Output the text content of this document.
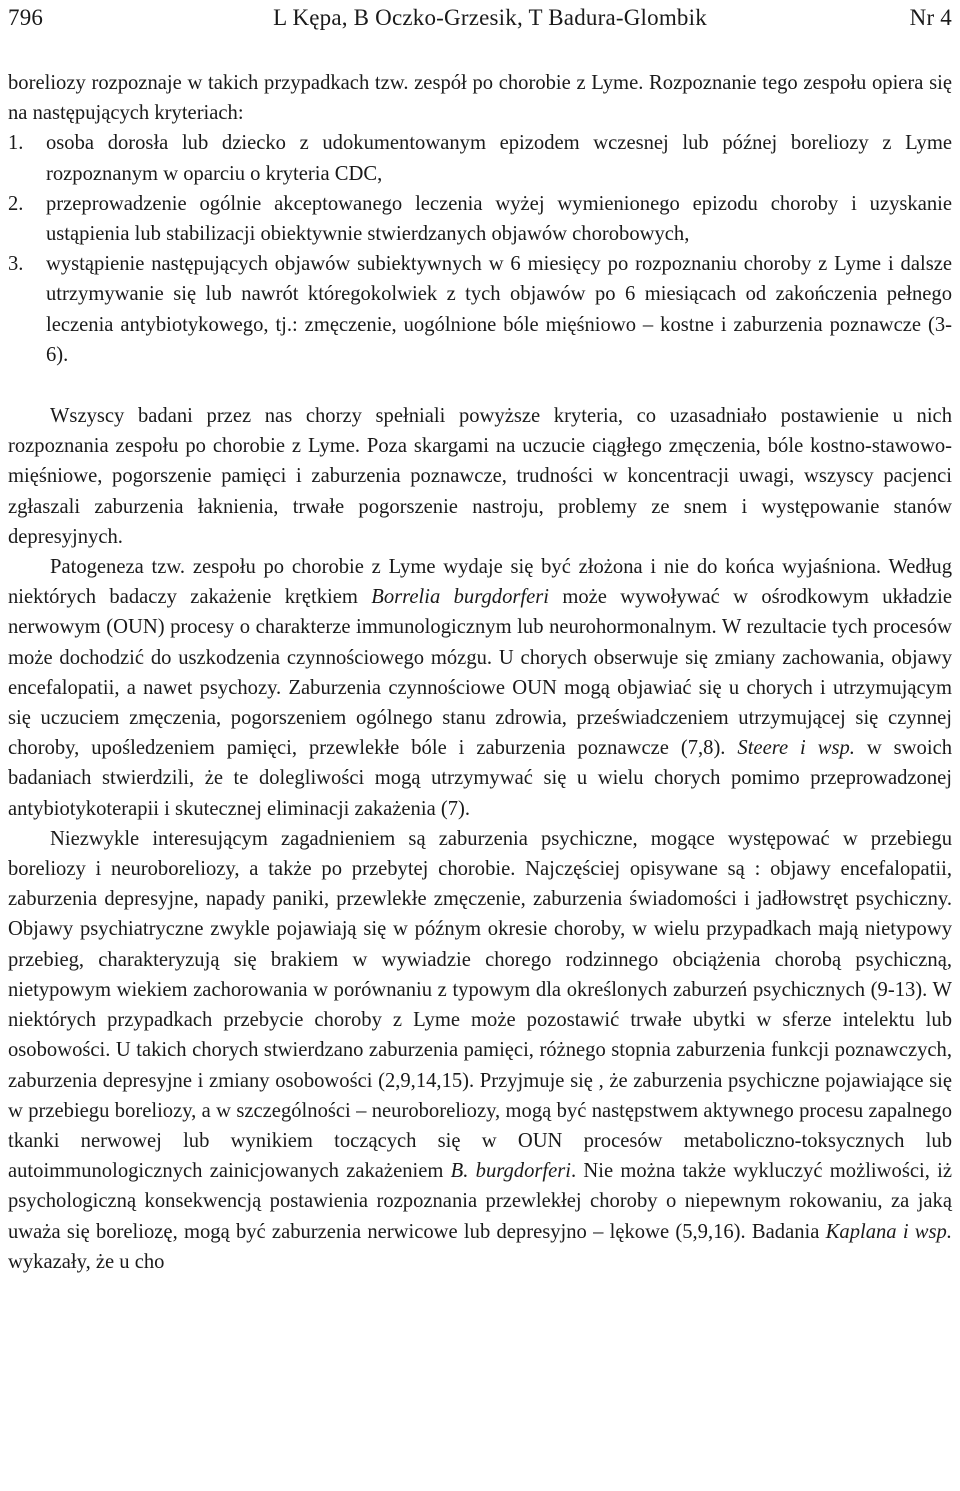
796	L Kępa, B Oczko-Grzesik, T Badura-Glombik	Nr 4

boreliozy rozpoznaje w takich przypadkach tzw. zespół po chorobie z Lyme. Rozpoznanie tego zespołu opiera się na następujących kryteriach:

1. osoba dorosła lub dziecko z udokumentowanym epizodem wczesnej lub późnej boreliozy z Lyme rozpoznanym w oparciu o kryteria CDC,
2. przeprowadzenie ogólnie akceptowanego leczenia wyżej wymienionego epizodu choroby i uzyskanie ustąpienia lub stabilizacji obiektywnie stwierdzanych objawów chorobowych,
3. wystąpienie następujących objawów subiektywnych w 6 miesięcy po rozpoznaniu choroby z Lyme i dalsze utrzymywanie się lub nawrót któregokolwiek z tych objawów po 6 miesiącach od zakończenia pełnego leczenia antybiotykowego, tj.: zmęczenie, uogólnione bóle mięśniowo – kostne i zaburzenia poznawcze (3-6).

Wszyscy badani przez nas chorzy spełniali powyższe kryteria, co uzasadniało postawienie u nich rozpoznania zespołu po chorobie z Lyme. Poza skargami na uczucie ciągłego zmęczenia, bóle kostno-stawowo-mięśniowe, pogorszenie pamięci i zaburzenia poznawcze, trudności w koncentracji uwagi, wszyscy pacjenci zgłaszali zaburzenia łaknienia, trwałe pogorszenie nastroju, problemy ze snem i występowanie stanów depresyjnych.

Patogeneza tzw. zespołu po chorobie z Lyme wydaje się być złożona i nie do końca wyjaśniona. Według niektórych badaczy zakażenie krętkiem Borrelia burgdorferi może wywoływać w ośrodkowym układzie nerwowym (OUN) procesy o charakterze immunologicznym lub neurohormonalnym. W rezultacie tych procesów może dochodzić do uszkodzenia czynnościowego mózgu. U chorych obserwuje się zmiany zachowania, objawy encefalopatii, a nawet psychozy. Zaburzenia czynnościowe OUN mogą objawiać się u chorych i utrzymującym się uczuciem zmęczenia, pogorszeniem ogólnego stanu zdrowia, przeświadczeniem utrzymującej się czynnej choroby, upośledzeniem pamięci, przewlekłe bóle i zaburzenia poznawcze (7,8). Steere i wsp. w swoich badaniach stwierdzili, że te dolegliwości mogą utrzymywać się u wielu chorych pomimo przeprowadzonej antybiotykoterapii i skutecznej eliminacji zakażenia (7).

Niezwykle interesującym zagadnieniem są zaburzenia psychiczne, mogące występować w przebiegu boreliozy i neuroboreliozy, a także po przebytej chorobie. Najczęściej opisywane są : objawy encefalopatii, zaburzenia depresyjne, napady paniki, przewlekłe zmęczenie, zaburzenia świadomości i jadłowstręt psychiczny. Objawy psychiatryczne zwykle pojawiają się w późnym okresie choroby, w wielu przypadkach mają nietypowy przebieg, charakteryzują się brakiem w wywiadzie chorego rodzinnego obciążenia chorobą psychiczną, nietypowym wiekiem zachorowania w porównaniu z typowym dla określonych zaburzeń psychicznych (9-13). W niektórych przypadkach przebycie choroby z Lyme może pozostawić trwałe ubytki w sferze intelektu lub osobowości. U takich chorych stwierdzano zaburzenia pamięci, różnego stopnia zaburzenia funkcji poznawczych, zaburzenia depresyjne i zmiany osobowości (2,9,14,15). Przyjmuje się , że zaburzenia psychiczne pojawiające się w przebiegu boreliozy, a w szczególności – neuroboreliozy, mogą być następstwem aktywnego procesu zapalnego tkanki nerwowej lub wynikiem toczących się w OUN procesów metaboliczno-toksycznych lub autoimmunologicznych zainicjowanych zakażeniem B. burgdorferi. Nie można także wykluczyć możliwości, iż psychologiczną konsekwencją postawienia rozpoznania przewlekłej choroby o niepewnym rokowaniu, za jaką uważa się boreliozę, mogą być zaburzenia nerwicowe lub depresyjno – lękowe (5,9,16). Badania Kaplana i wsp. wykazały, że u cho
